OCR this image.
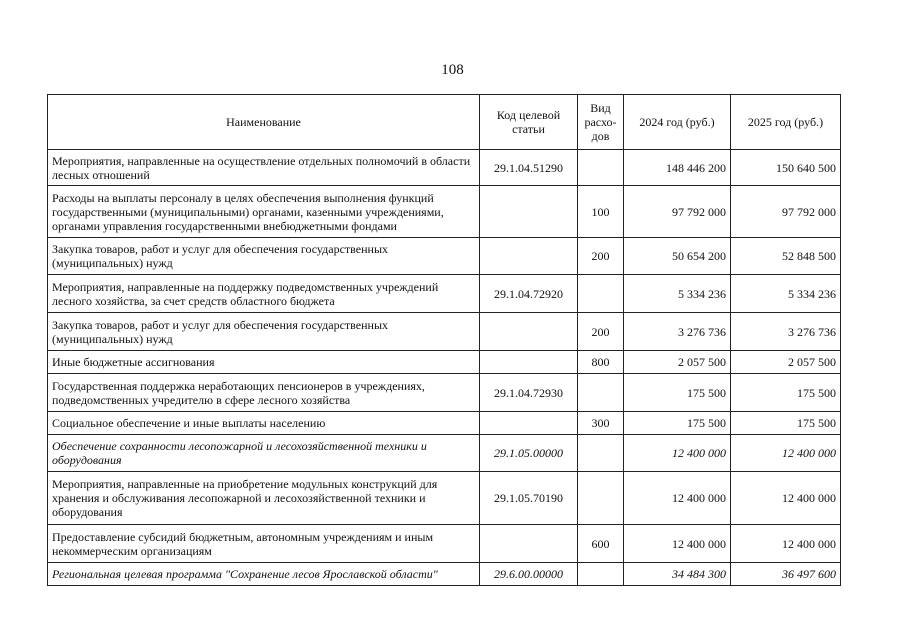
108
Наименование	Код целевой статьи	Вид расхо-дов	2024 год (руб.)	2025 год (руб.)
Мероприятия, направленные на осуществление отдельных полномочий в области лесных отношений	29.1.04.51290		148 446 200	150 640 500
Расходы на выплаты персоналу в целях обеспечения выполнения функций государственными (муниципальными) органами, казенными учреждениями, органами управления государственными внебюджетными фондами		100	97 792 000	97 792 000
Закупка товаров, работ и услуг для обеспечения государственных (муниципальных) нужд		200	50 654 200	52 848 500
Мероприятия, направленные на поддержку подведомственных учреждений лесного хозяйства, за счет средств областного бюджета	29.1.04.72920		5 334 236	5 334 236
Закупка товаров, работ и услуг для обеспечения государственных (муниципальных) нужд		200	3 276 736	3 276 736
Иные бюджетные ассигнования		800	2 057 500	2 057 500
Государственная поддержка неработающих пенсионеров в учреждениях, подведомственных учредителю в сфере лесного хозяйства	29.1.04.72930		175 500	175 500
Социальное обеспечение и иные выплаты населению		300	175 500	175 500
Обеспечение сохранности лесопожарной и лесохозяйственной техники и оборудования	29.1.05.00000		12 400 000	12 400 000
Мероприятия, направленные на приобретение модульных конструкций для хранения и обслуживания лесопожарной и лесохозяйственной техники и оборудования	29.1.05.70190		12 400 000	12 400 000
Предоставление субсидий бюджетным, автономным учреждениям и иным некоммерческим организациям		600	12 400 000	12 400 000
Региональная целевая программа "Сохранение лесов Ярославской области"	29.6.00.00000		34 484 300	36 497 600
